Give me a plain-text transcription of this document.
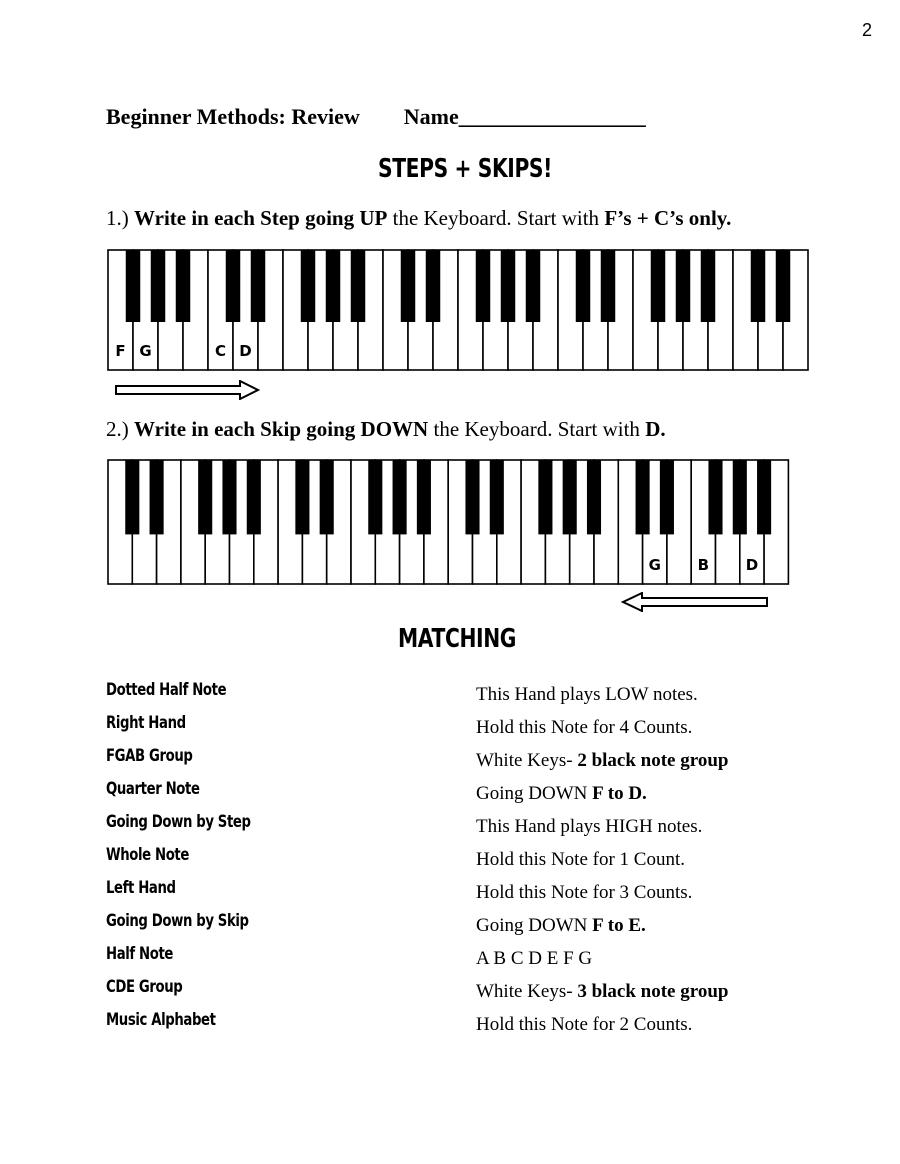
2
Beginner Methods: Review Name_________________
STEPS + SKIPS!
1.) Write in each Step going UP the Keyboard. Start with F’s + C’s only.
F G	C D
2.) Write in each Skip going DOWN the Keyboard. Start with D.
G B D
MATCHING
Dotted Half Note
Right Hand
FGAB Group
Quarter Note
Going Down by Step
Whole Note
Left Hand
Going Down by Skip
Half Note
CDE Group
Music Alphabet
This Hand plays LOW notes.
Hold this Note for 4 Counts.
White Keys- 2 black note group
Going DOWN F to D.
This Hand plays HIGH notes.
Hold this Note for 1 Count.
Hold this Note for 3 Counts.
Going DOWN F to E.
A B C D E F G
White Keys- 3 black note group
Hold this Note for 2 Counts.
